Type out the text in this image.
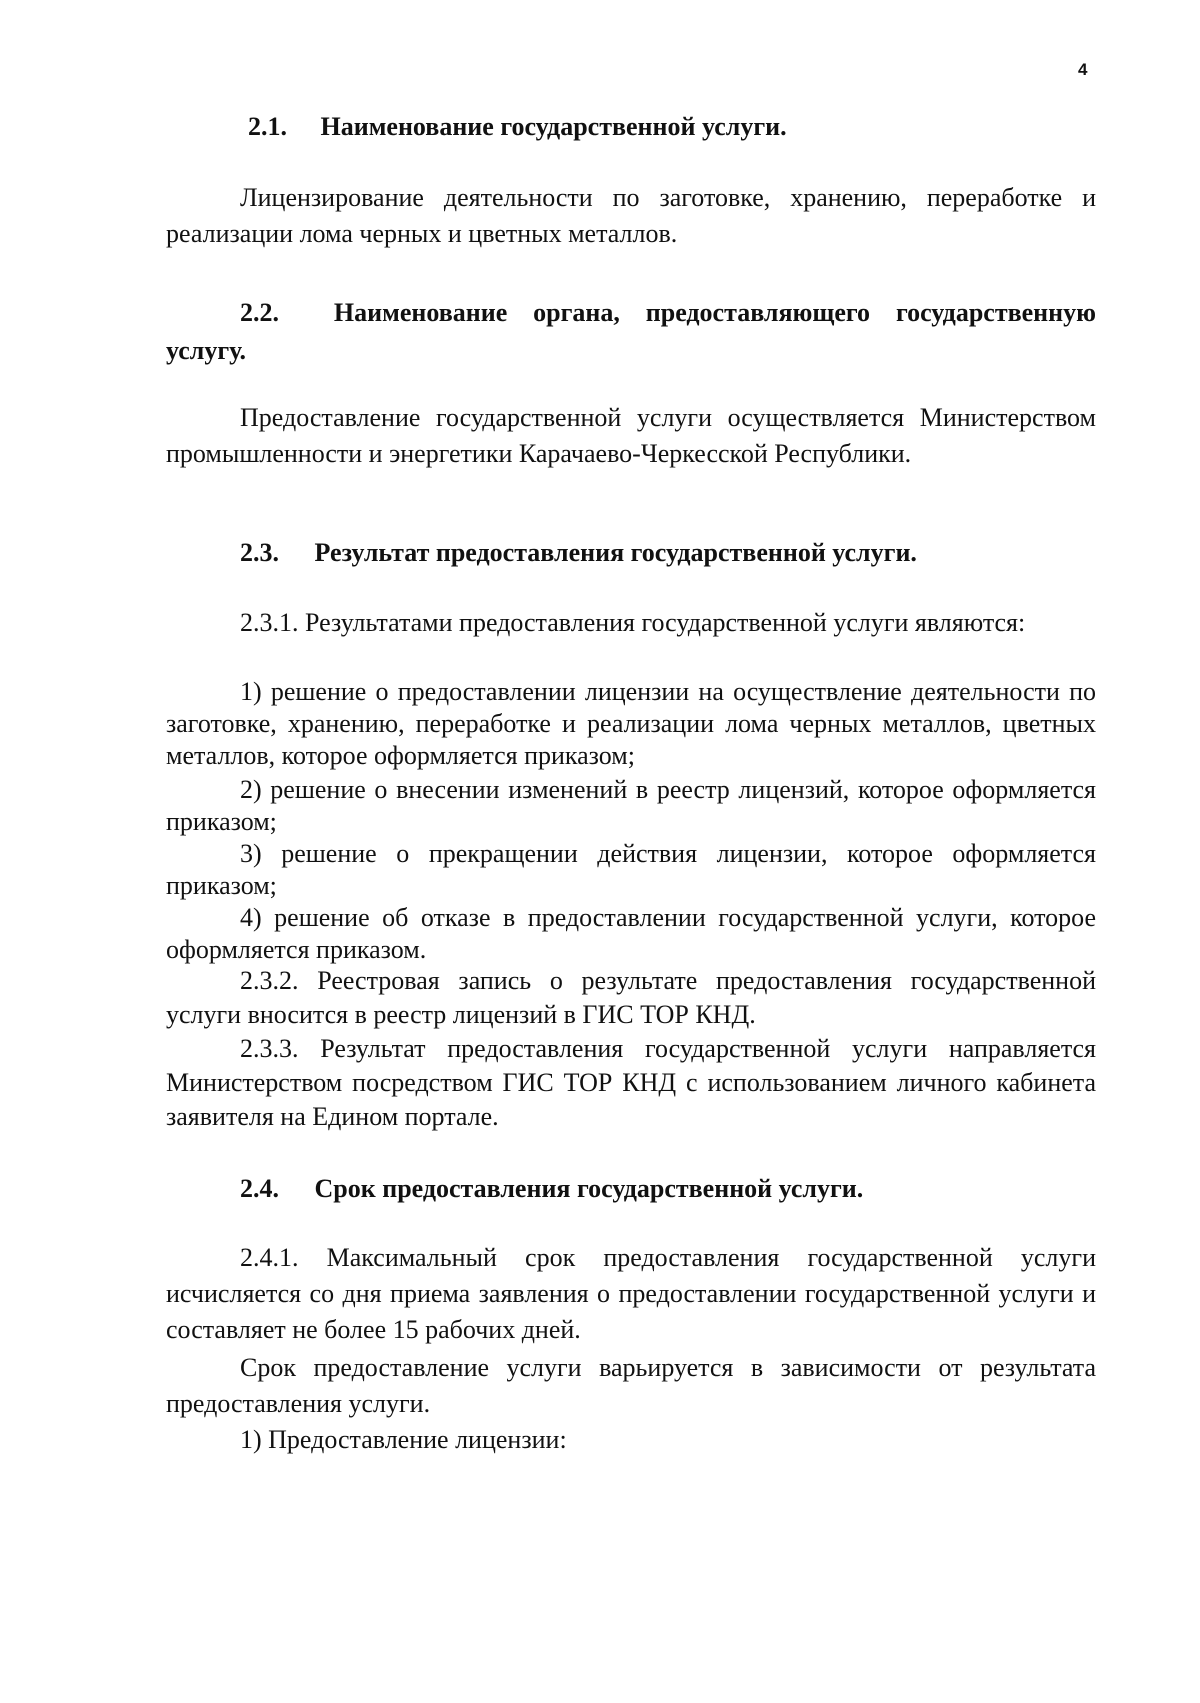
4
2.1. Наименование государственной услуги.

Лицензирование деятельности по заготовке, хранению, переработке и реализации лома черных и цветных металлов.

2.2. Наименование органа, предоставляющего государственную услугу.

Предоставление государственной услуги осуществляется Министерством промышленности и энергетики Карачаево-Черкесской Республики.

2.3. Результат предоставления государственной услуги.

2.3.1. Результатами предоставления государственной услуги являются:

1) решение о предоставлении лицензии на осуществление деятельности по заготовке, хранению, переработке и реализации лома черных металлов, цветных металлов, которое оформляется приказом;

2) решение о внесении изменений в реестр лицензий, которое оформляется приказом;

3) решение о прекращении действия лицензии, которое оформляется приказом;

4) решение об отказе в предоставлении государственной услуги, которое оформляется приказом.

2.3.2. Реестровая запись о результате предоставления государственной услуги вносится в реестр лицензий в ГИС ТОР КНД.

2.3.3. Результат предоставления государственной услуги направляется Министерством посредством ГИС ТОР КНД с использованием личного кабинета заявителя на Едином портале.

2.4. Срок предоставления государственной услуги.

2.4.1. Максимальный срок предоставления государственной услуги исчисляется со дня приема заявления о предоставлении государственной услуги и составляет не более 15 рабочих дней.

Срок предоставление услуги варьируется в зависимости от результата предоставления услуги.

1) Предоставление лицензии:
